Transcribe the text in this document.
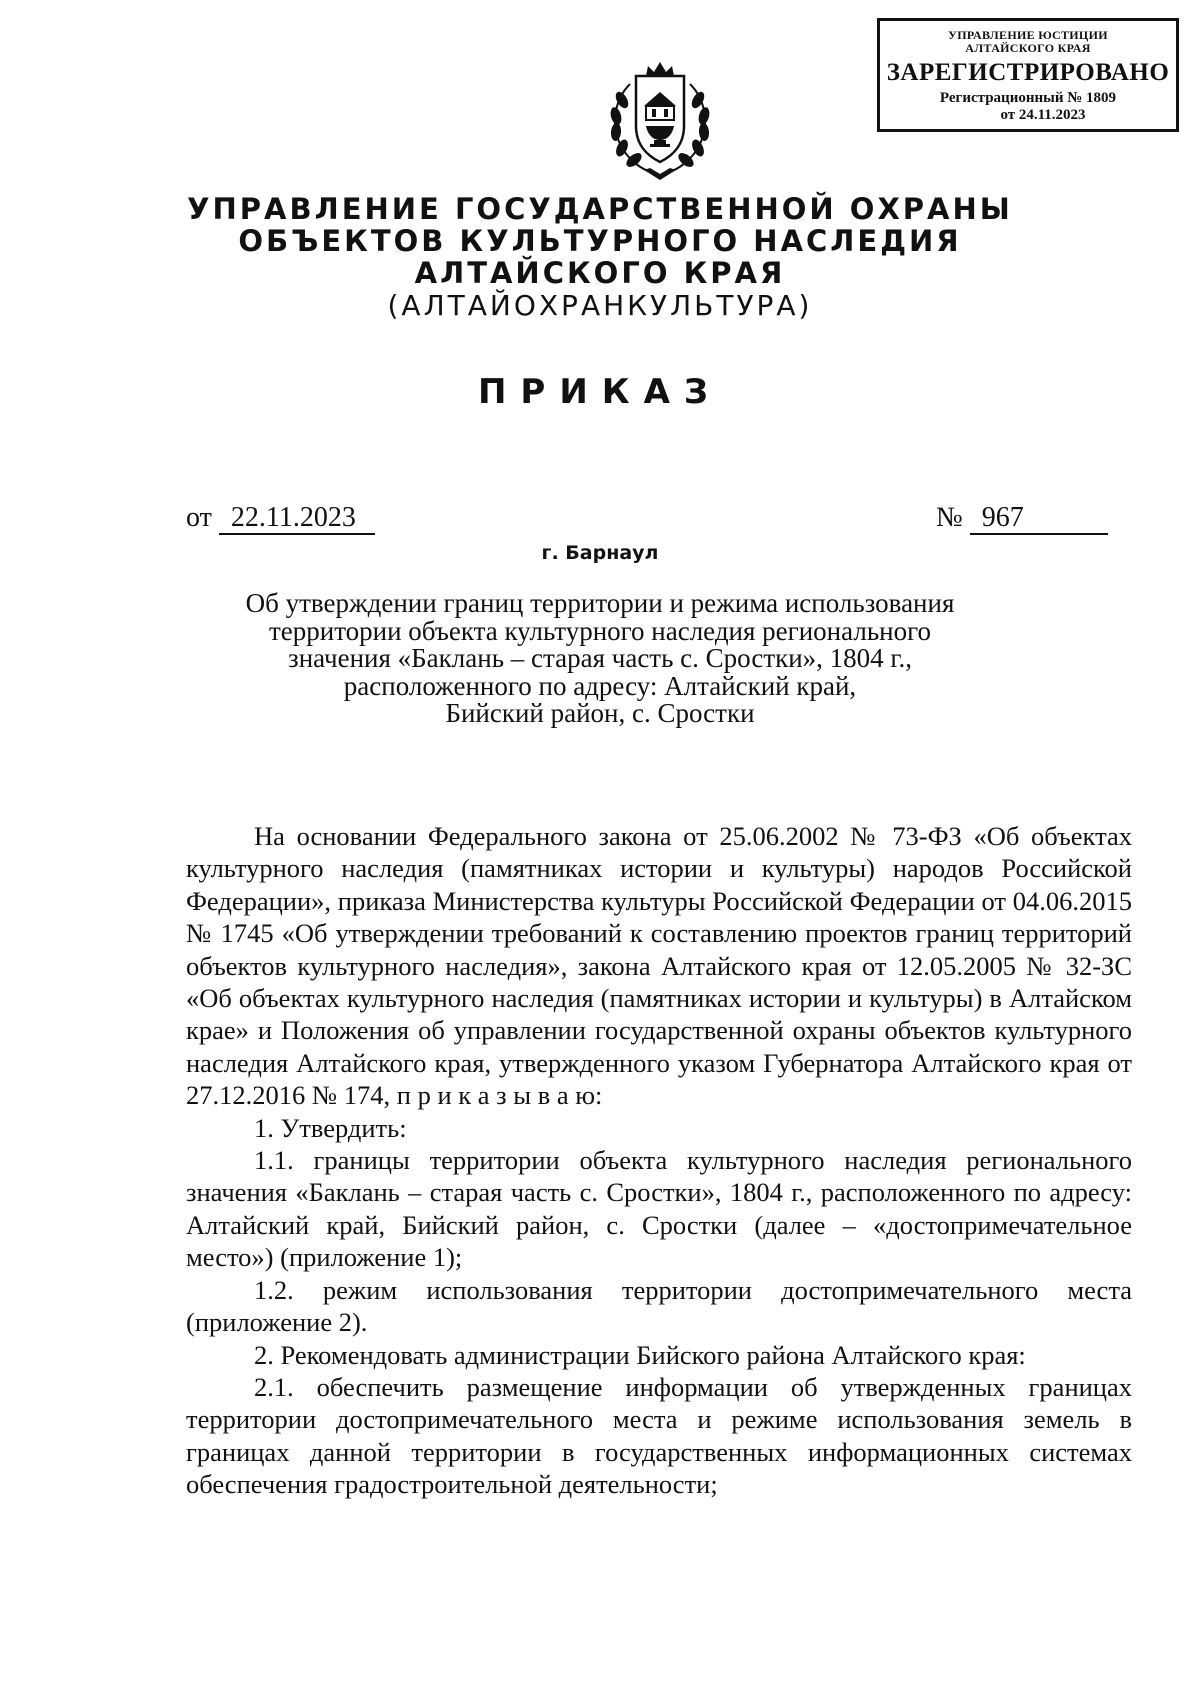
УПРАВЛЕНИЕ ЮСТИЦИИ
АЛТАЙСКОГО КРАЯ
ЗАРЕГИСТРИРОВАНО
Регистрационный № 1809
от 24.11.2023
УПРАВЛЕНИЕ ГОСУДАРСТВЕННОЙ ОХРАНЫ
ОБЪЕКТОВ КУЛЬТУРНОГО НАСЛЕДИЯ
АЛТАЙСКОГО КРАЯ
(АЛТАЙОХРАНКУЛЬТУРА)
ПРИКАЗ
от 22.11.2023	№ 967
г. Барнаул
Об утверждении границ территории и режима использования
территории объекта культурного наследия регионального
значения «Баклань – старая часть с. Сростки», 1804 г.,
расположенного по адресу: Алтайский край,
Бийский район, с. Сростки

На основании Федерального закона от 25.06.2002 № 73-ФЗ «Об объектах культурного наследия (памятниках истории и культуры) народов Российской Федерации», приказа Министерства культуры Российской Федерации от 04.06.2015 № 1745 «Об утверждении требований к составлению проектов границ территорий объектов культурного наследия», закона Алтайского края от 12.05.2005 № 32-ЗС «Об объектах культурного наследия (памятниках истории и культуры) в Алтайском крае» и Положения об управлении государственной охраны объектов культурного наследия Алтайского края, утвержденного указом Губернатора Алтайского края от 27.12.2016 № 174, п р и к а з ы в а ю:

1. Утвердить:

1.1. границы территории объекта культурного наследия регионального значения «Баклань – старая часть с. Сростки», 1804 г., расположенного по адресу: Алтайский край, Бийский район, с. Сростки (далее – «достопримечательное место») (приложение 1);

1.2. режим использования территории достопримечательного места (приложение 2).

2. Рекомендовать администрации Бийского района Алтайского края:

2.1. обеспечить размещение информации об утвержденных границах территории достопримечательного места и режиме использования земель в границах данной территории в государственных информационных системах обеспечения градостроительной деятельности;
